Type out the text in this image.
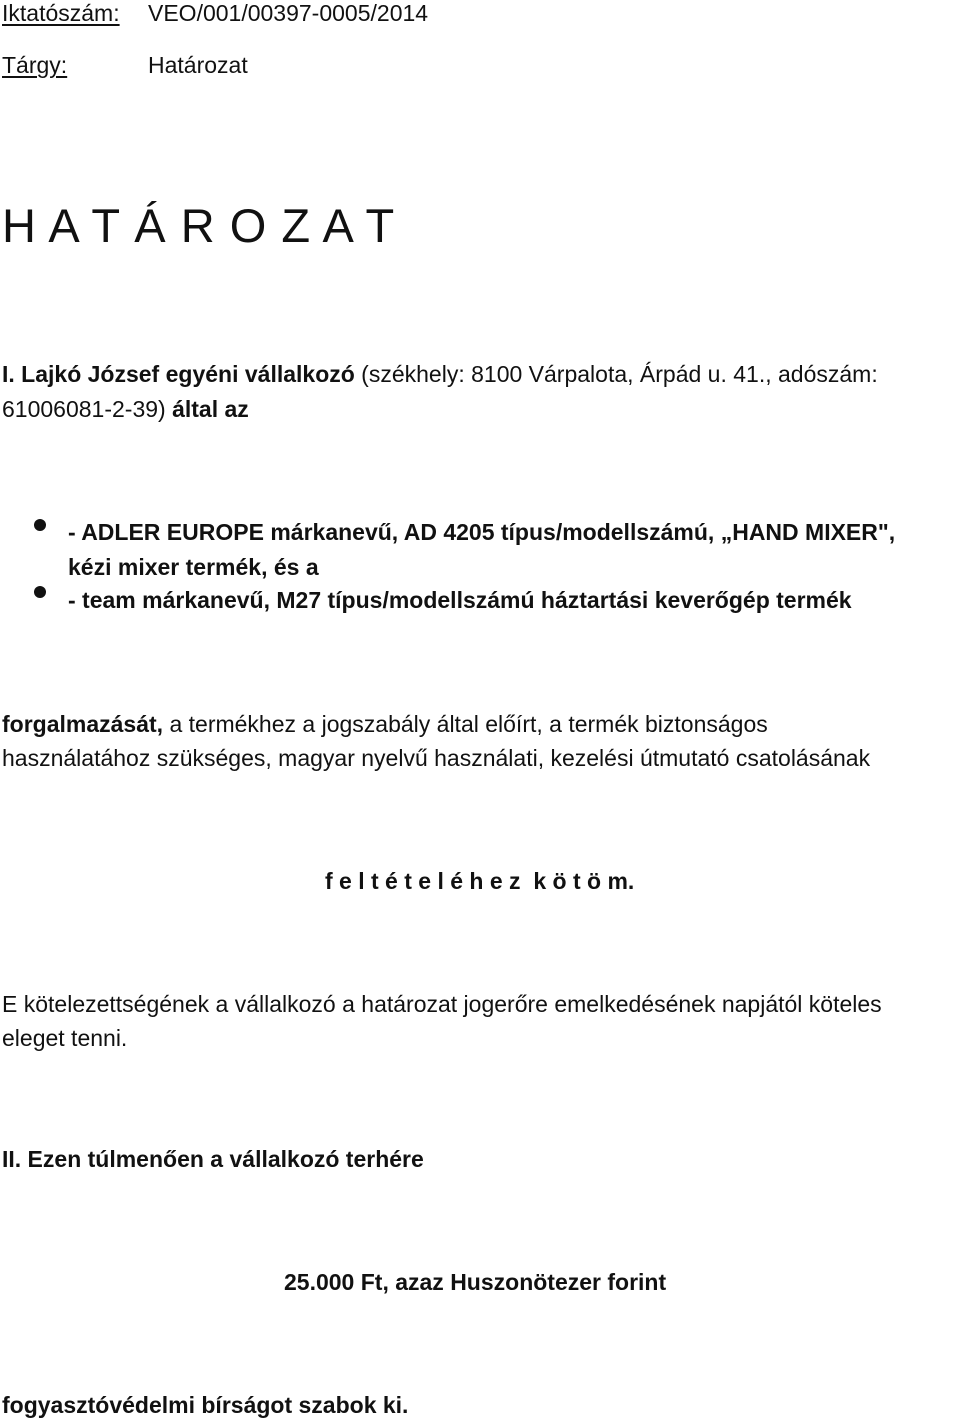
Iktatószám: VEO/001/00397-0005/2014
Tárgy:	Határozat
H A T Á R O Z A T
I. Lajkó József egyéni vállalkozó (székhely: 8100 Várpalota, Árpád u. 41., adószám:
61006081-2-39) által az
- ADLER EUROPE márkanevű, AD 4205 típus/modellszámú, „HAND MIXER",
kézi mixer termék, és a
- team márkanevű, M27 típus/modellszámú háztartási keverőgép termék
forgalmazását, a termékhez a jogszabály által előírt, a termék biztonságos
használatához szükséges, magyar nyelvű használati, kezelési útmutató csatolásának
f e l t é t e l é h e z  k ö t ö m.
E kötelezettségének a vállalkozó a határozat jogerőre emelkedésének napjától köteles
eleget tenni.
II. Ezen túlmenően a vállalkozó terhére
25.000 Ft, azaz Huszonötezer forint
fogyasztóvédelmi bírságot szabok ki.
